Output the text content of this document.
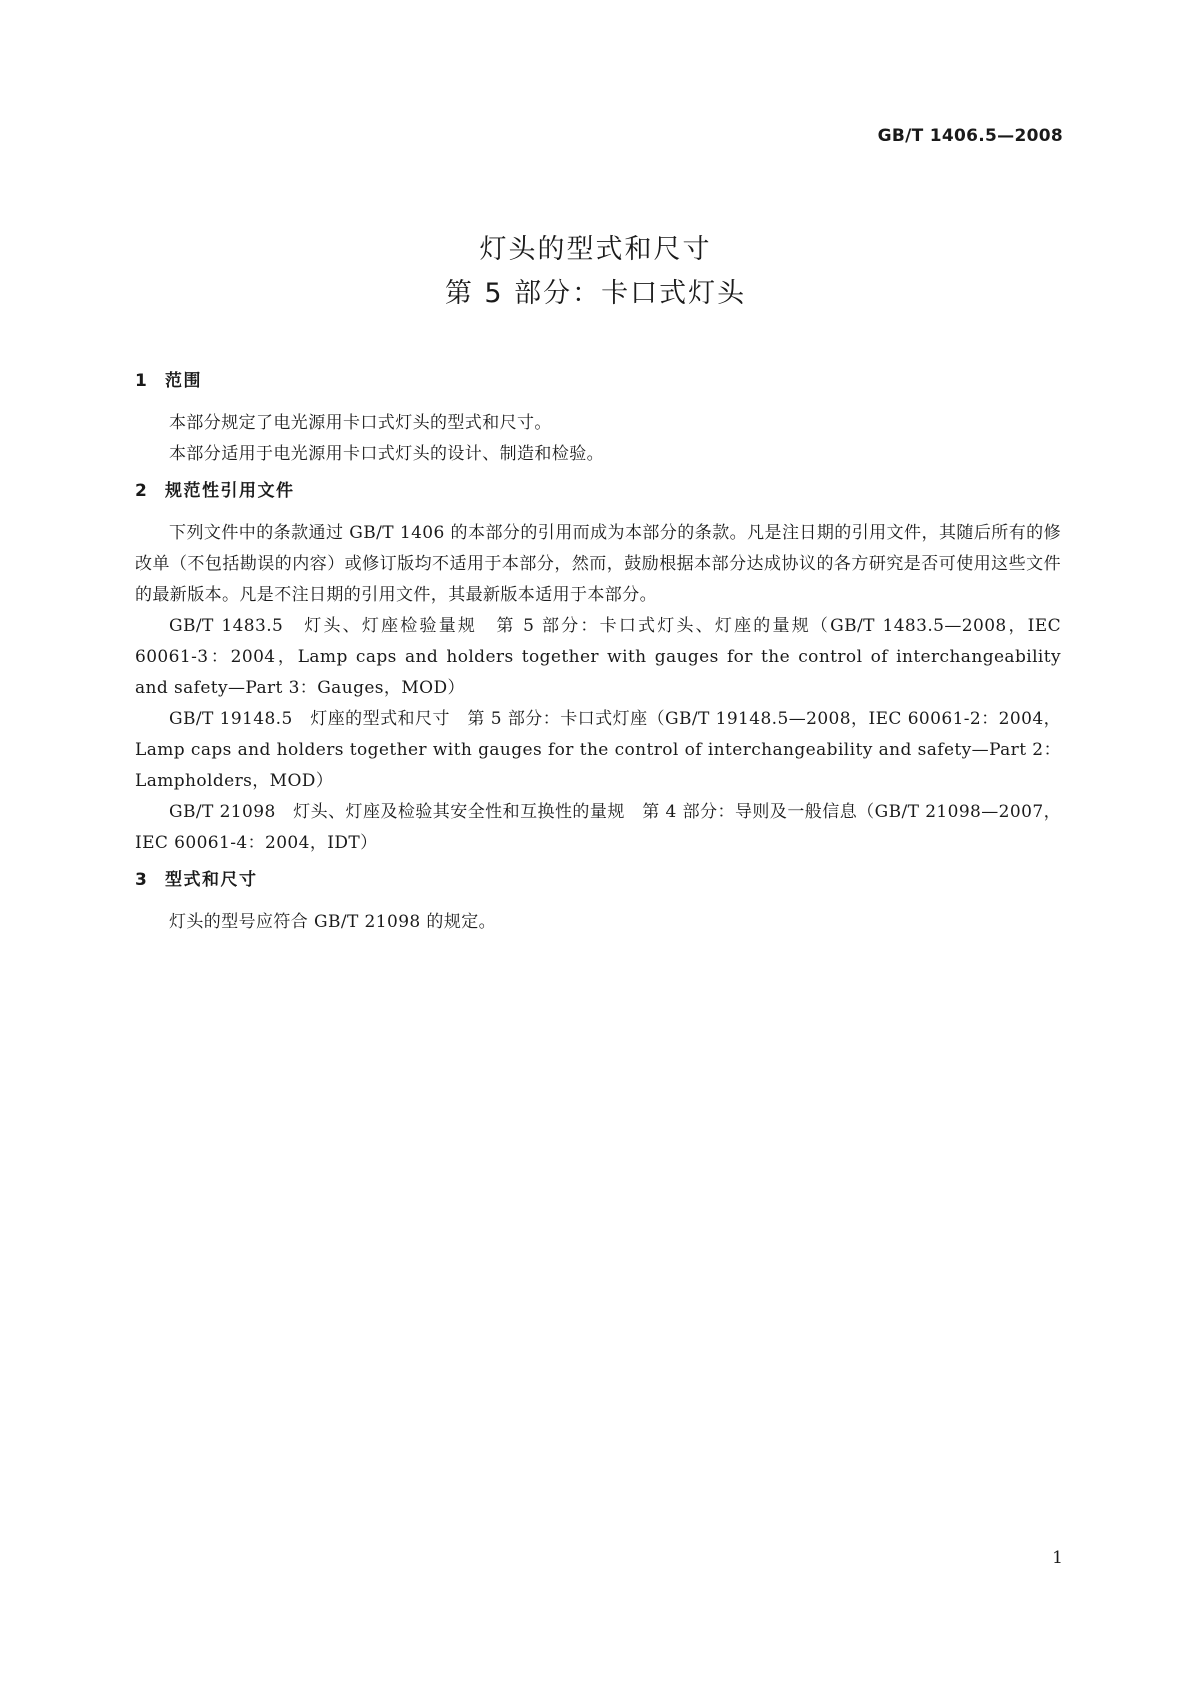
GB/T 1406.5—2008
灯头的型式和尺寸
第 5 部分：卡口式灯头
1 范围

本部分规定了电光源用卡口式灯头的型式和尺寸。

本部分适用于电光源用卡口式灯头的设计、制造和检验。

2 规范性引用文件

下列文件中的条款通过 GB/T 1406 的本部分的引用而成为本部分的条款。凡是注日期的引用文件，其随后所有的修改单（不包括勘误的内容）或修订版均不适用于本部分，然而，鼓励根据本部分达成协议的各方研究是否可使用这些文件的最新版本。凡是不注日期的引用文件，其最新版本适用于本部分。

GB/T 1483.5　灯头、灯座检验量规　第 5 部分：卡口式灯头、灯座的量规（GB/T 1483.5—2008，IEC 60061-3：2004，Lamp caps and holders together with gauges for the control of interchangeability and safety—Part 3：Gauges，MOD）

GB/T 19148.5　灯座的型式和尺寸　第 5 部分：卡口式灯座（GB/T 19148.5—2008，IEC 60061-2：2004，Lamp caps and holders together with gauges for the control of interchangeability and safety—Part 2：Lampholders，MOD）

GB/T 21098　灯头、灯座及检验其安全性和互换性的量规　第 4 部分：导则及一般信息（GB/T 21098—2007，IEC 60061-4：2004，IDT）

3 型式和尺寸

灯头的型号应符合 GB/T 21098 的规定。

1
